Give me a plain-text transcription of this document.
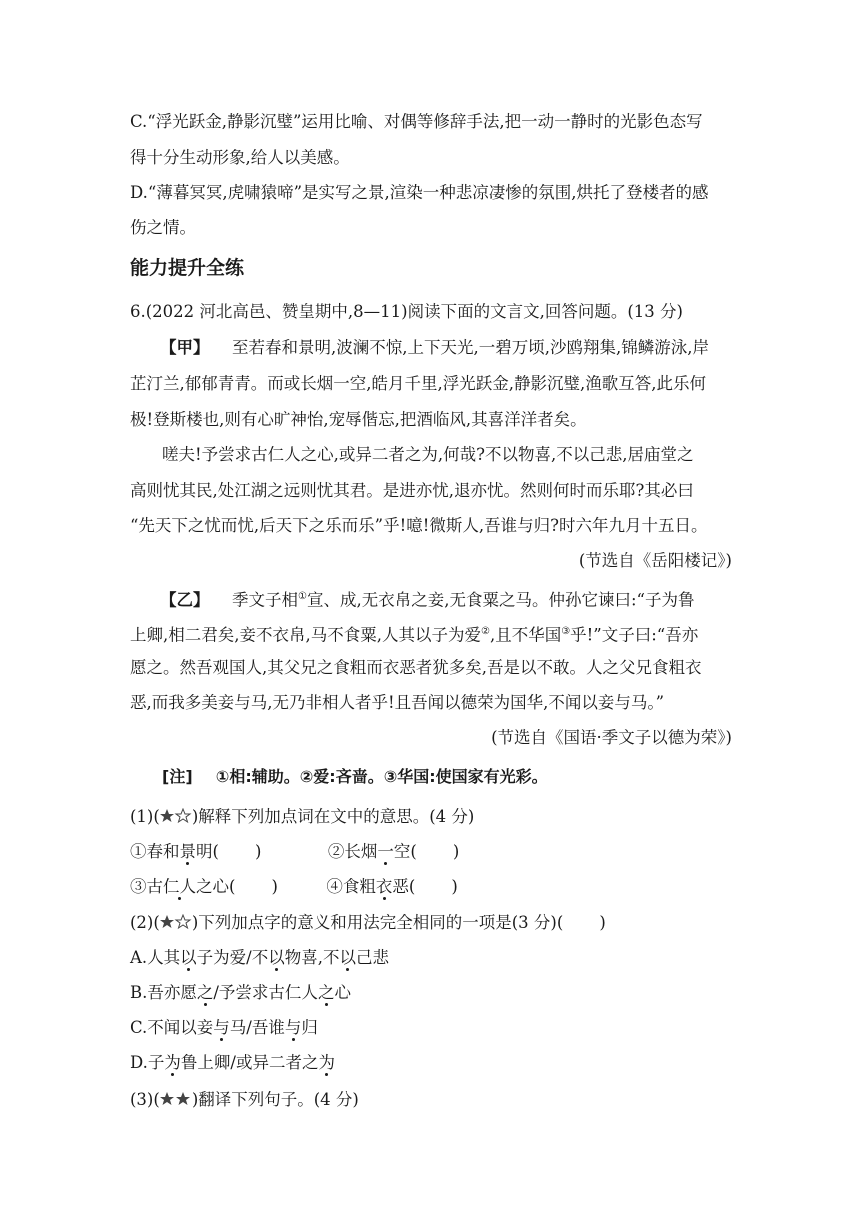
C.“浮光跃金,静影沉璧”运用比喻、对偶等修辞手法,把一动一静时的光影色态写
得十分生动形象,给人以美感。
D.“薄暮冥冥,虎啸猿啼”是实写之景,渲染一种悲凉凄惨的氛围,烘托了登楼者的感
伤之情。
能力提升全练
6.(2022 河北高邑、赞皇期中,8—11)阅读下面的文言文,回答问题。(13 分)
【甲】 至若春和景明,波澜不惊,上下天光,一碧万顷,沙鸥翔集,锦鳞游泳,岸
芷汀兰,郁郁青青。而或长烟一空,皓月千里,浮光跃金,静影沉璧,渔歌互答,此乐何
极!登斯楼也,则有心旷神怡,宠辱偕忘,把酒临风,其喜洋洋者矣。
嗟夫!予尝求古仁人之心,或异二者之为,何哉?不以物喜,不以己悲,居庙堂之
高则忧其民,处江湖之远则忧其君。是进亦忧,退亦忧。然则何时而乐耶?其必曰
“先天下之忧而忧,后天下之乐而乐”乎!噫!微斯人,吾谁与归?时六年九月十五日。
(节选自《岳阳楼记》)
【乙】 季文子相①宣、成,无衣帛之妾,无食粟之马。仲孙它谏曰:“子为鲁
上卿,相二君矣,妾不衣帛,马不食粟,人其以子为爱②,且不华国③乎!”文子曰:“吾亦
愿之。然吾观国人,其父兄之食粗而衣恶者犹多矣,吾是以不敢。人之父兄食粗衣
恶,而我多美妾与马,无乃非相人者乎!且吾闻以德荣为国华,不闻以妾与马。”
(节选自《国语·季文子以德为荣》)
[注] ①相:辅助。②爱:吝啬。③华国:使国家有光彩。
(1)( )解释下列加点词在文中的意思。(4 分)
①春和景明( )	②长烟一空( )
③古仁人之心( )	④食粗衣恶( )
(2)( )下列加点字的意义和用法完全相同的一项是(3 分)( )
A.人其以子为爱/不以物喜,不以己悲
B.吾亦愿之/予尝求古仁人之心
C.不闻以妾与马/吾谁与归
D.子为鲁上卿/或异二者之为
(3)( )翻译下列句子。(4 分)
